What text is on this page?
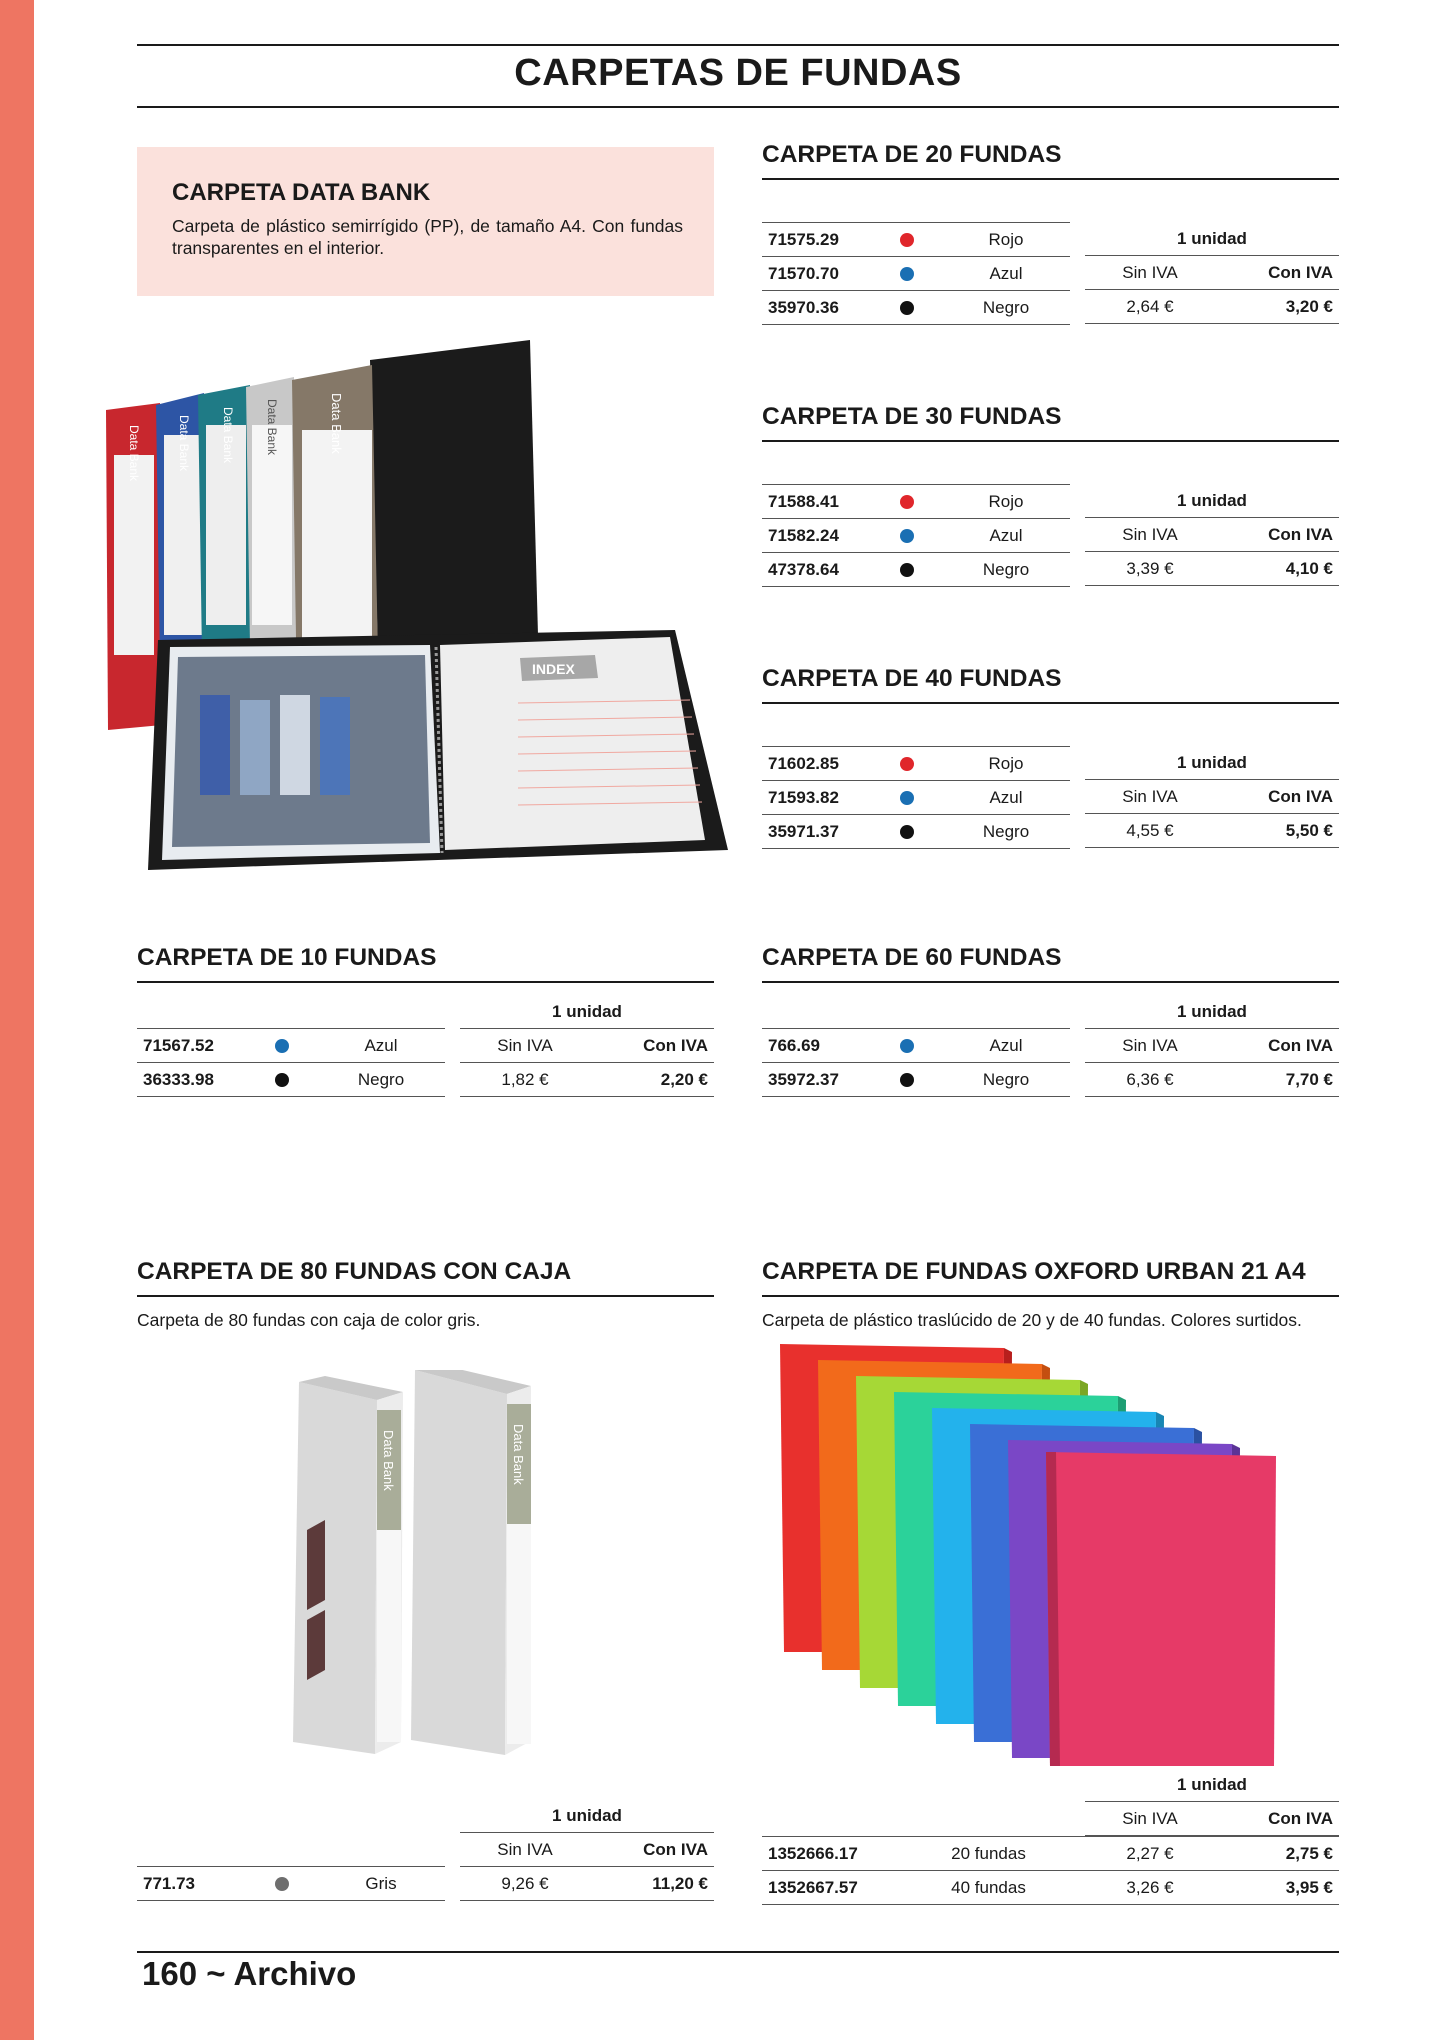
CARPETAS DE FUNDAS
CARPETA DATA BANK
Carpeta de plástico semirrígido (PP), de tamaño A4. Con fundas transparentes en el interior.
Data Bank	Data Bank	Data Bank	Data Bank	Data Bank
INDEX
CARPETA DE 20 FUNDAS
71575.29		Rojo
71570.70		Azul
35970.36		Negro
1 unidad	
Sin IVA	Con IVA
2,64 €	3,20 €
CARPETA DE 30 FUNDAS
71588.41		Rojo
71582.24		Azul
47378.64		Negro
1 unidad	
Sin IVA	Con IVA
3,39 €	4,10 €
CARPETA DE 40 FUNDAS
71602.85		Rojo
71593.82		Azul
35971.37		Negro
1 unidad	
Sin IVA	Con IVA
4,55 €	5,50 €
CARPETA DE 10 FUNDAS
1 unidad
71567.52		Azul
36333.98		Negro
Sin IVA	Con IVA
1,82 €	2,20 €
CARPETA DE 60 FUNDAS
1 unidad
766.69		Azul
35972.37		Negro
Sin IVA	Con IVA
6,36 €	7,70 €
CARPETA DE 80 FUNDAS CON CAJA
Carpeta de 80 fundas con caja de color gris.
Data Bank	Data Bank
1 unidad
Sin IVA	Con IVA
9,26 €	11,20 €
771.73		Gris
CARPETA DE FUNDAS OXFORD URBAN 21 A4
Carpeta de plástico traslúcido de 20 y de 40 fundas. Colores surtidos.
1 unidad
Sin IVA	Con IVA
1352666.17	20 fundas		2,27 €	2,75 €
1352667.57	40 fundas		3,26 €	3,95 €
160 ~ Archivo
